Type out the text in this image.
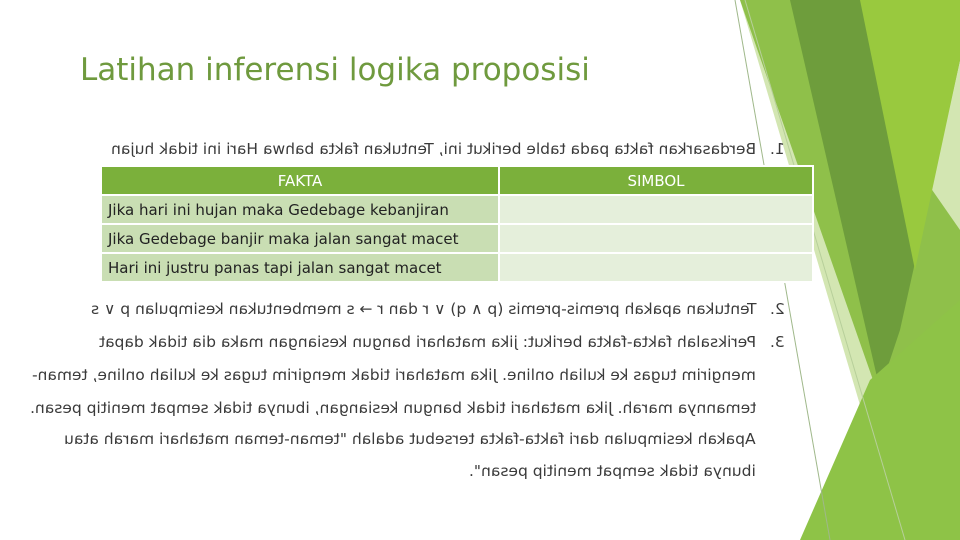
Latihan inferensi logika proposisi
1.
Berdasarkan fakta pada table berikut ini, Tentukan fakta bahwa Hari ini tidak hujan
FAKTA	SIMBOL
Jika hari ini hujan maka Gedebage kebanjiran	
Jika Gedebage banjir maka jalan sangat macet	
Hari ini justru panas tapi jalan sangat macet	
2.
Tentukan apakah premis-premis (p ∧ q) ∨ r dan r → s membentukan kesimpulan p ∨ s
3.
Periksalah fakta-fakta berikut: jika matahari bangun kesiangan maka dia tidak dapat
mengirim tugas ke kuliah online. Jika matahari tidak mengirim tugas ke kuliah online, teman-
temannya marah. Jika matahari tidak bangun kesiangan, ibunya tidak sempat menitip pesan.
Apakah kesimpulan dari fakta-fakta tersebut adalah "teman-teman matahari marah atau
ibunya tidak sempat menitip pesan".
